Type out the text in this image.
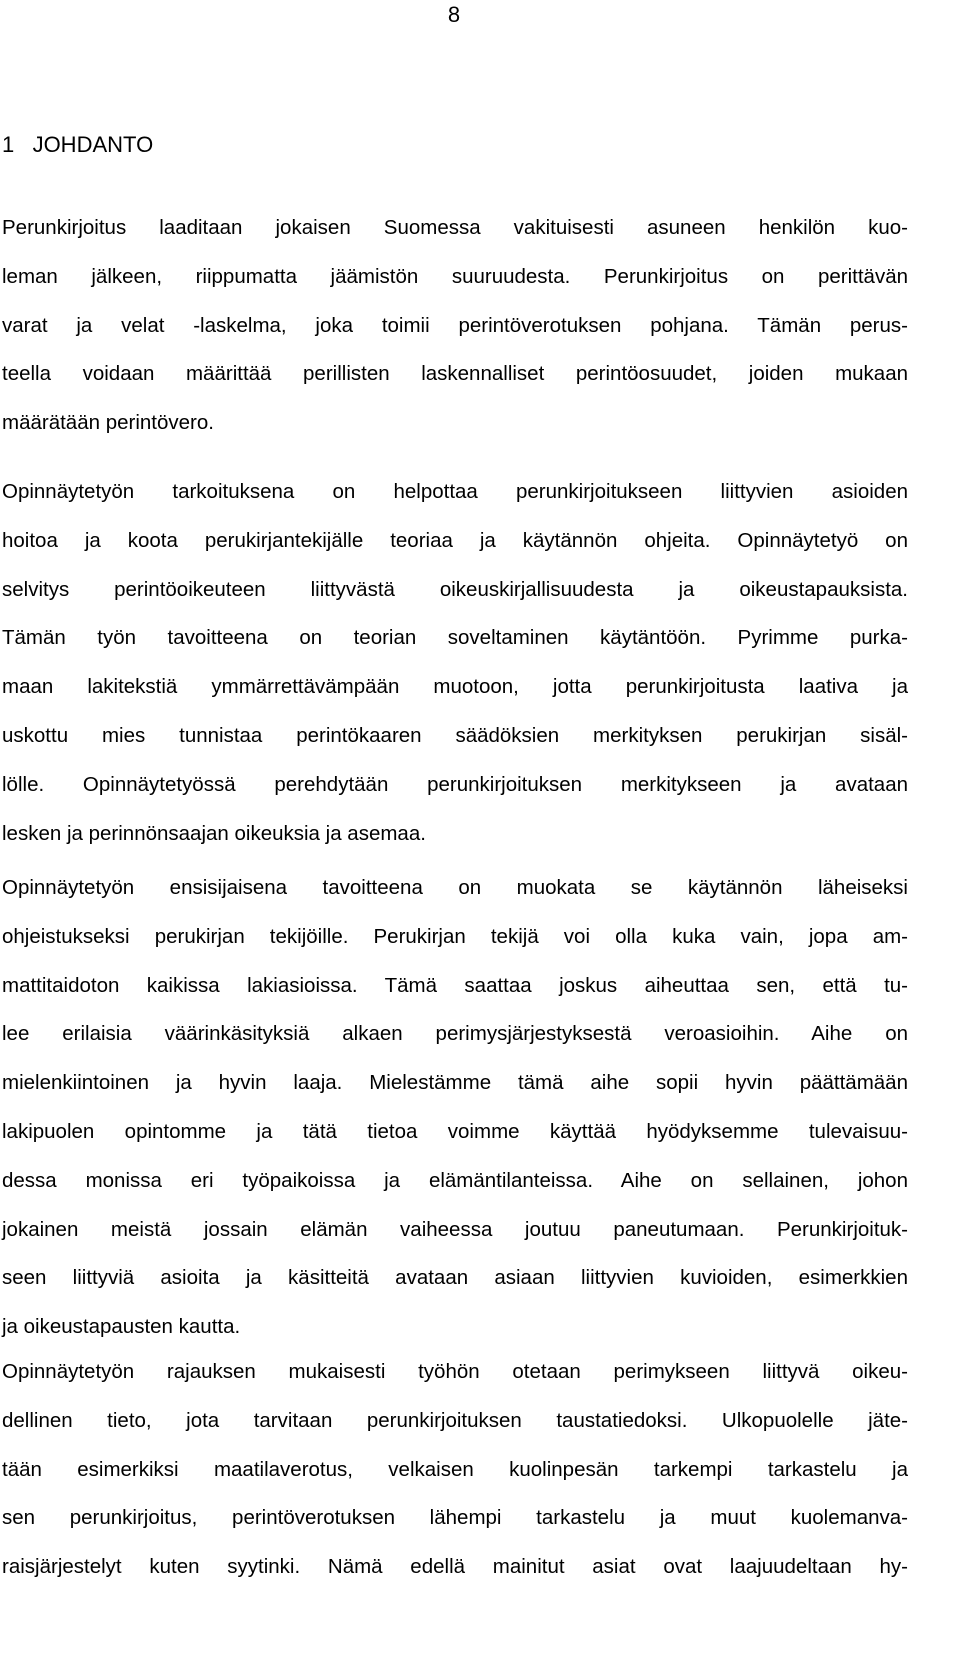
8
1   JOHDANTO
Perunkirjoitus laaditaan jokaisen Suomessa vakituisesti asuneen henkilön kuo-
leman jälkeen, riippumatta jäämistön suuruudesta. Perunkirjoitus on perittävän
varat ja velat -laskelma, joka toimii perintöverotuksen pohjana. Tämän perus-
teella voidaan määrittää perillisten laskennalliset perintöosuudet, joiden mukaan
määrätään perintövero.
Opinnäytetyön tarkoituksena on helpottaa perunkirjoitukseen liittyvien asioiden
hoitoa ja koota perukirjantekijälle teoriaa ja käytännön ohjeita. Opinnäytetyö on
selvitys perintöoikeuteen liittyvästä oikeuskirjallisuudesta ja oikeustapauksista.
Tämän työn tavoitteena on teorian soveltaminen käytäntöön. Pyrimme purka-
maan lakitekstiä ymmärrettävämpään muotoon, jotta perunkirjoitusta laativa ja
uskottu mies tunnistaa perintökaaren säädöksien merkityksen perukirjan sisäl-
lölle. Opinnäytetyössä perehdytään perunkirjoituksen merkitykseen ja avataan
lesken ja perinnönsaajan oikeuksia ja asemaa.
Opinnäytetyön ensisijaisena tavoitteena on muokata se käytännön läheiseksi
ohjeistukseksi perukirjan tekijöille. Perukirjan tekijä voi olla kuka vain, jopa am-
mattitaidoton kaikissa lakiasioissa. Tämä saattaa joskus aiheuttaa sen, että tu-
lee erilaisia väärinkäsityksiä alkaen perimysjärjestyksestä veroasioihin. Aihe on
mielenkiintoinen ja hyvin laaja. Mielestämme tämä aihe sopii hyvin päättämään
lakipuolen opintomme ja tätä tietoa voimme käyttää hyödyksemme tulevaisuu-
dessa monissa eri työpaikoissa ja elämäntilanteissa. Aihe on sellainen, johon
jokainen meistä jossain elämän vaiheessa joutuu paneutumaan. Perunkirjoituk-
seen liittyviä asioita ja käsitteitä avataan asiaan liittyvien kuvioiden, esimerkkien
ja oikeustapausten kautta.
Opinnäytetyön rajauksen mukaisesti työhön otetaan perimykseen liittyvä oikeu-
dellinen tieto, jota tarvitaan perunkirjoituksen taustatiedoksi. Ulkopuolelle jäte-
tään esimerkiksi maatilaverotus, velkaisen kuolinpesän tarkempi tarkastelu ja
sen perunkirjoitus, perintöverotuksen lähempi tarkastelu ja muut kuolemanva-
raisjärjestelyt kuten syytinki. Nämä edellä mainitut asiat ovat laajuudeltaan hy-
